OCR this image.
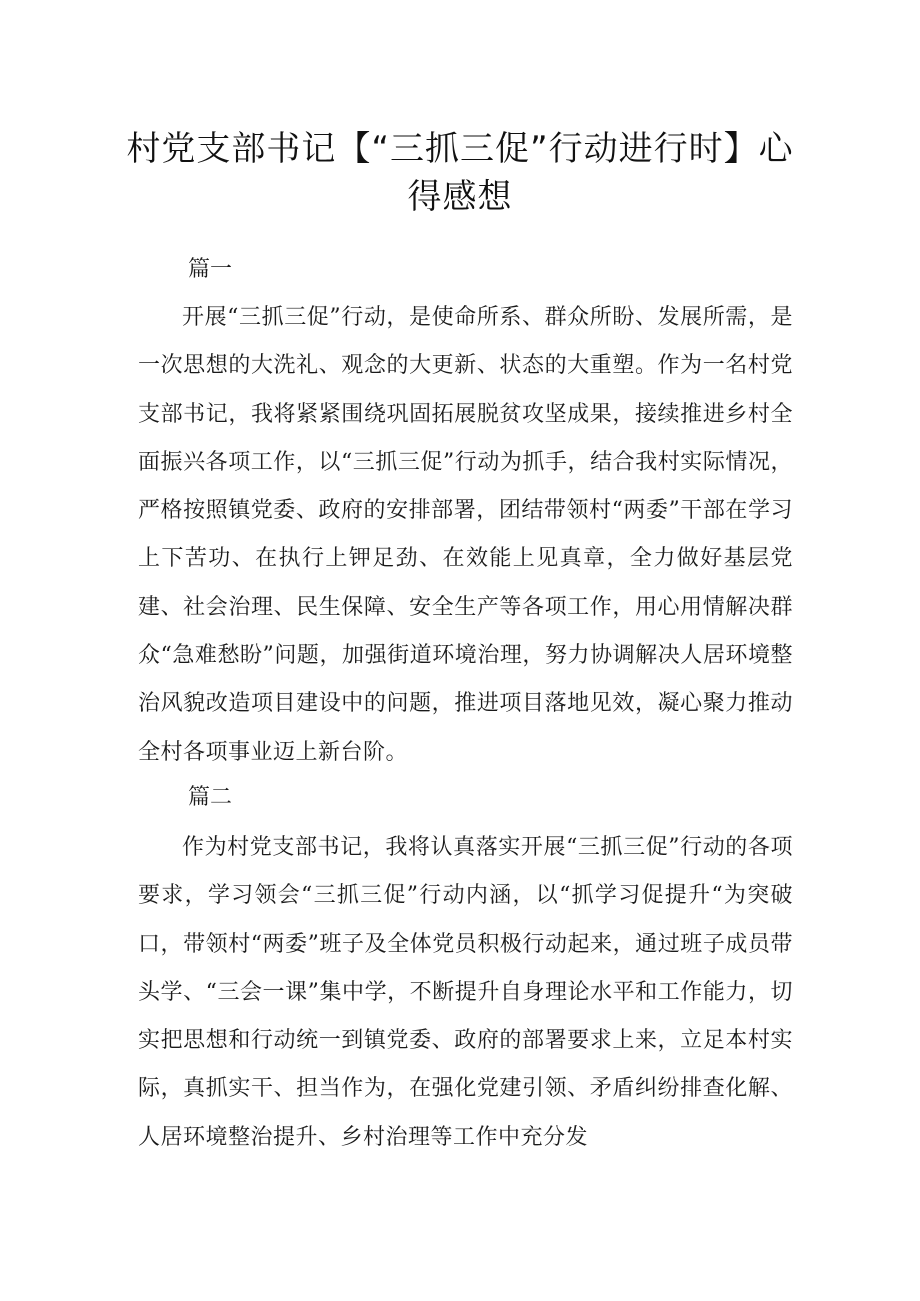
村党支部书记【“三抓三促”行动进行时】心得感想

篇一

开展“三抓三促”行动，是使命所系、群众所盼、发展所需，是一次思想的大洗礼、观念的大更新、状态的大重塑。作为一名村党支部书记，我将紧紧围绕巩固拓展脱贫攻坚成果，接续推进乡村全面振兴各项工作，以“三抓三促”行动为抓手，结合我村实际情况，严格按照镇党委、政府的安排部署，团结带领村“两委”干部在学习上下苦功、在执行上钾足劲、在效能上见真章，全力做好基层党建、社会治理、民生保障、安全生产等各项工作，用心用情解决群众“急难愁盼”问题，加强街道环境治理，努力协调解决人居环境整治风貌改造项目建设中的问题，推进项目落地见效，凝心聚力推动全村各项事业迈上新台阶。

篇二

作为村党支部书记，我将认真落实开展“三抓三促”行动的各项要求，学习领会“三抓三促”行动内涵，以“抓学习促提升“为突破口，带领村“两委”班子及全体党员积极行动起来，通过班子成员带头学、“三会一课”集中学，不断提升自身理论水平和工作能力，切实把思想和行动统一到镇党委、政府的部署要求上来，立足本村实际，真抓实干、担当作为，在强化党建引领、矛盾纠纷排查化解、人居环境整治提升、乡村治理等工作中充分发
